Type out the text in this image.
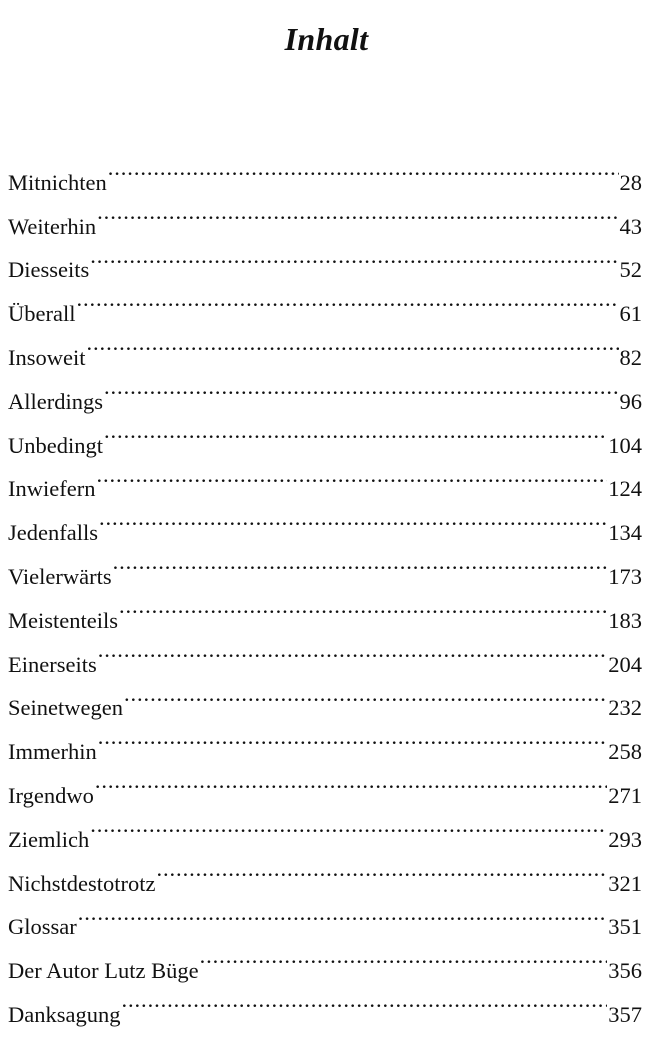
Inhalt
Mitnichten .....	28
Weiterhin .....	43
Diesseits .....	52
Überall .....	61
Insoweit .....	82
Allerdings .....	96
Unbedingt .....	104
Inwiefern .....	124
Jedenfalls .....	134
Vielerwärts .....	173
Meistenteils .....	183
Einerseits .....	204
Seinetwegen .....	232
Immerhin .....	258
Irgendwo .....	271
Ziemlich .....	293
Nichstdestotrotz .....	321
Glossar .....	351
Der Autor Lutz Büge .....	356
Danksagung .....	357
